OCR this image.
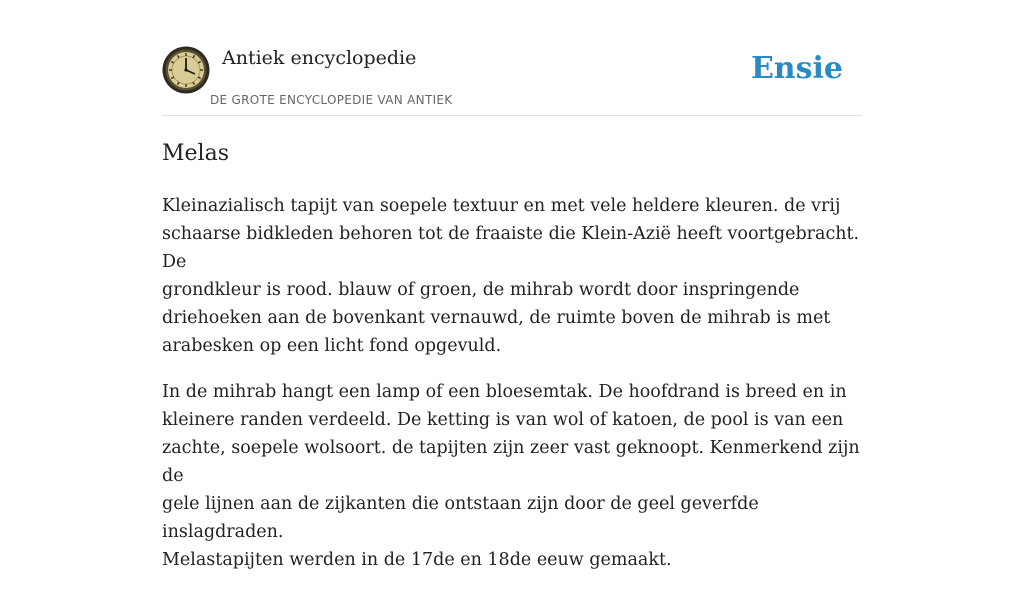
Antiek encyclopedie
DE GROTE ENCYCLOPEDIE VAN ANTIEK
Ensie
Melas

Kleinazialisch tapijt van soepele textuur en met vele heldere kleuren. de vrij
schaarse bidkleden behoren tot de fraaiste die Klein-Azië heeft voortgebracht. De
grondkleur is rood. blauw of groen, de mihrab wordt door inspringende
driehoeken aan de bovenkant vernauwd, de ruimte boven de mihrab is met
arabesken op een licht fond opgevuld.

In de mihrab hangt een lamp of een bloesemtak. De hoofdrand is breed en in
kleinere randen verdeeld. De ketting is van wol of katoen, de pool is van een
zachte, soepele wolsoort. de tapijten zijn zeer vast geknoopt. Kenmerkend zijn de
gele lijnen aan de zijkanten die ontstaan zijn door de geel geverfde inslagdraden.
Melastapijten werden in de 17de en 18de eeuw gemaakt.
